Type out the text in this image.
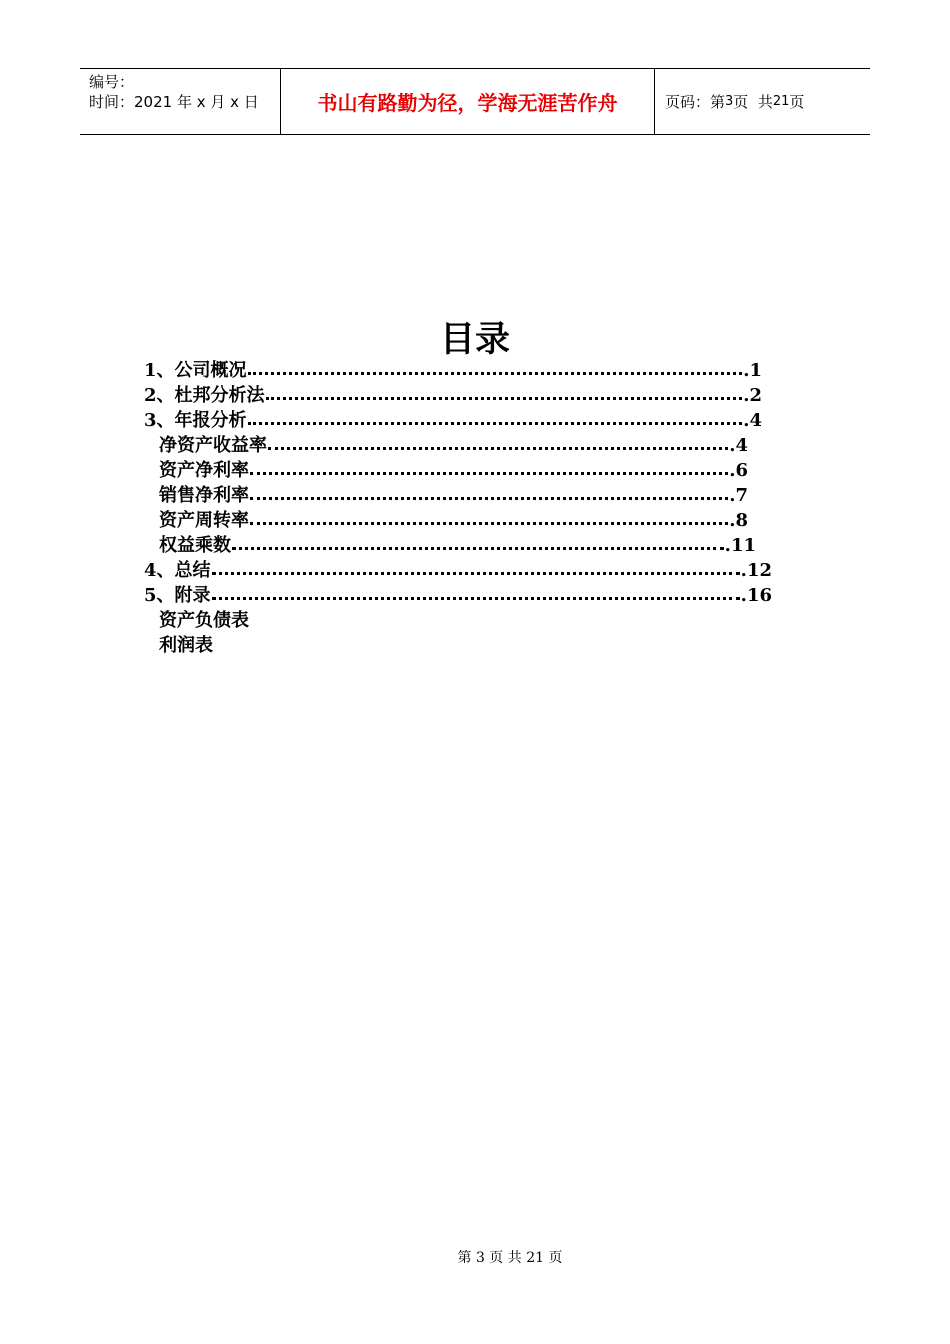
编号：
时间：2021 年 x 月 x 日	书山有路勤为径，学海无涯苦作舟	页码：第 3 页  共 21 页
目录
1、公司概况	.1
2、杜邦分析法	.2
3、年报分析	.4
净资产收益率	.4
资产净利率	.6
销售净利率	.7
资产周转率	.8
权益乘数	.11
4、总结	.12
5、附录	.16
资产负债表
利润表
第 3 页 共 21 页
